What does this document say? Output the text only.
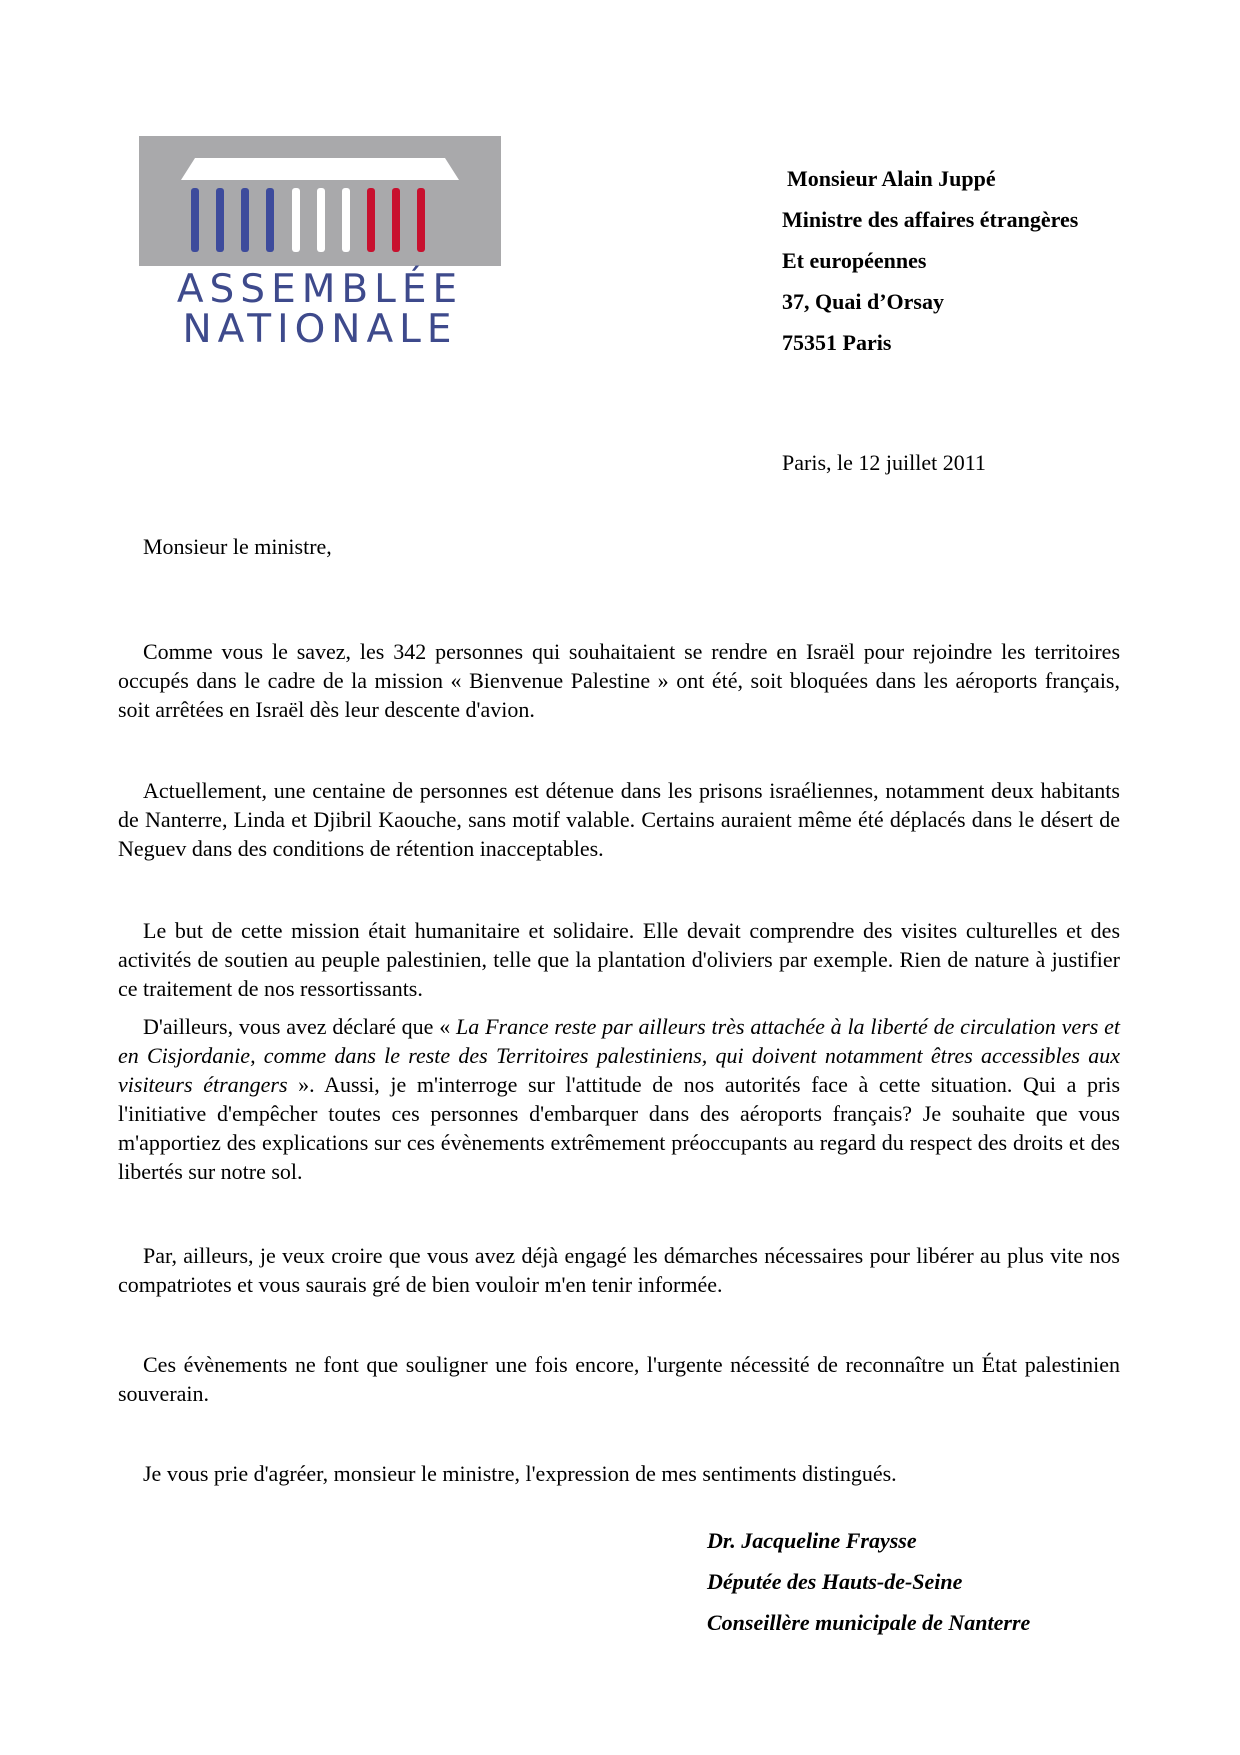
ASSEMBLÉE
NATIONALE
Monsieur Alain Juppé
Ministre des affaires étrangères
Et européennes
37, Quai d’Orsay
75351 Paris
Paris, le 12 juillet 2011
Monsieur le ministre,

Comme vous le savez, les 342 personnes qui souhaitaient se rendre en Israël pour rejoindre les territoires occupés dans le cadre de la mission « Bienvenue Palestine » ont été, soit bloquées dans les aéroports français, soit arrêtées en Israël dès leur descente d'avion.

Actuellement, une centaine de personnes est détenue dans les prisons israéliennes, notamment deux habitants de Nanterre, Linda et Djibril Kaouche, sans motif valable. Certains auraient même été déplacés dans le désert de Neguev dans des conditions de rétention inacceptables.

Le but de cette mission était humanitaire et solidaire. Elle devait comprendre des visites culturelles et des activités de soutien au peuple palestinien, telle que la plantation d'oliviers par exemple. Rien de nature à justifier ce traitement de nos ressortissants.

D'ailleurs, vous avez déclaré que « La France reste par ailleurs très attachée à la liberté de circulation vers et en Cisjordanie, comme dans le reste des Territoires palestiniens, qui doivent notamment êtres accessibles aux visiteurs étrangers ». Aussi, je m'interroge sur l'attitude de nos autorités face à cette situation. Qui a pris l'initiative d'empêcher toutes ces personnes d'embarquer dans des aéroports français? Je souhaite que vous m'apportiez des explications sur ces évènements extrêmement préoccupants au regard du respect des droits et des libertés sur notre sol.

Par, ailleurs, je veux croire que vous avez déjà engagé les démarches nécessaires pour libérer au plus vite nos compatriotes et vous saurais gré de bien vouloir m'en tenir informée.

Ces évènements ne font que souligner une fois encore, l'urgente nécessité de reconnaître un État palestinien souverain.

Je vous prie d'agréer, monsieur le ministre, l'expression de mes sentiments distingués.

Dr. Jacqueline Fraysse
Députée des Hauts-de-Seine
Conseillère municipale de Nanterre
